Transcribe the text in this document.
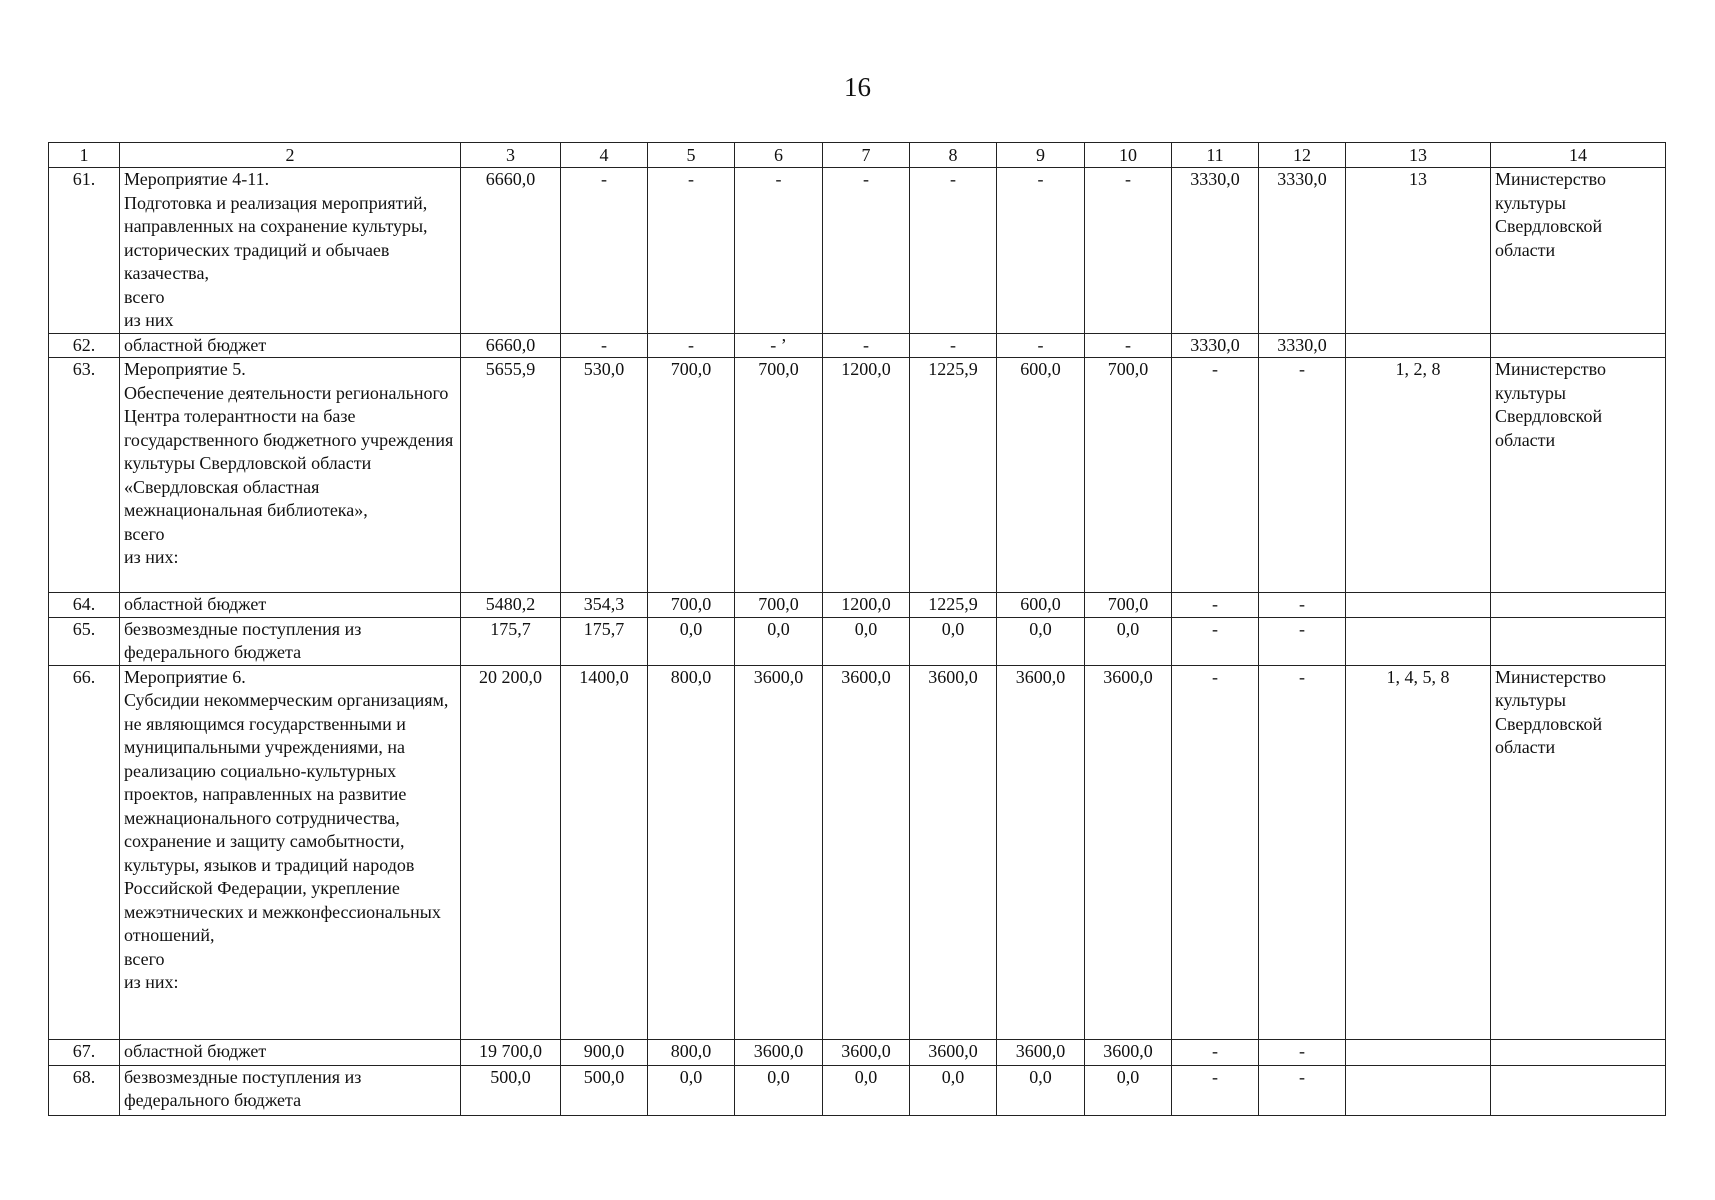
16
1	2	3	4	5	6	7	8	9	10	11	12	13	14
61.	Мероприятие 4-11.
Подготовка и реализация мероприятий, направленных на сохранение культуры, исторических традиций и обычаев казачества,
всего
из них	6660,0	-	-	-	-	-	-	-	3330,0	3330,0	13	Министерство культуры Свердловской области
62.	областной бюджет	6660,0	-	-	- ’	-	-	-	-	3330,0	3330,0		
63.	Мероприятие 5.
Обеспечение деятельности регионального Центра толерантности на базе государственного бюджетного учреждения культуры Свердловской области «Свердловская областная межнациональная библиотека»,
всего
из них:	5655,9	530,0	700,0	700,0	1200,0	1225,9	600,0	700,0	-	-	1, 2, 8	Министерство культуры Свердловской области
64.	областной бюджет	5480,2	354,3	700,0	700,0	1200,0	1225,9	600,0	700,0	-	-		
65.	безвозмездные поступления из федерального бюджета	175,7	175,7	0,0	0,0	0,0	0,0	0,0	0,0	-	-		
66.	Мероприятие 6.
Субсидии некоммерческим организациям, не являющимся государственными и муниципальными учреждениями, на реализацию социально-культурных проектов, направленных на развитие межнационального сотрудничества, сохранение и защиту самобытности, культуры, языков и традиций народов Российской Федерации, укрепление межэтнических и межконфессиональных отношений,
всего
из них:	20 200,0	1400,0	800,0	3600,0	3600,0	3600,0	3600,0	3600,0	-	-	1, 4, 5, 8	Министерство культуры Свердловской области
67.	областной бюджет	19 700,0	900,0	800,0	3600,0	3600,0	3600,0	3600,0	3600,0	-	-		
68.	безвозмездные поступления из федерального бюджета	500,0	500,0	0,0	0,0	0,0	0,0	0,0	0,0	-	-		
